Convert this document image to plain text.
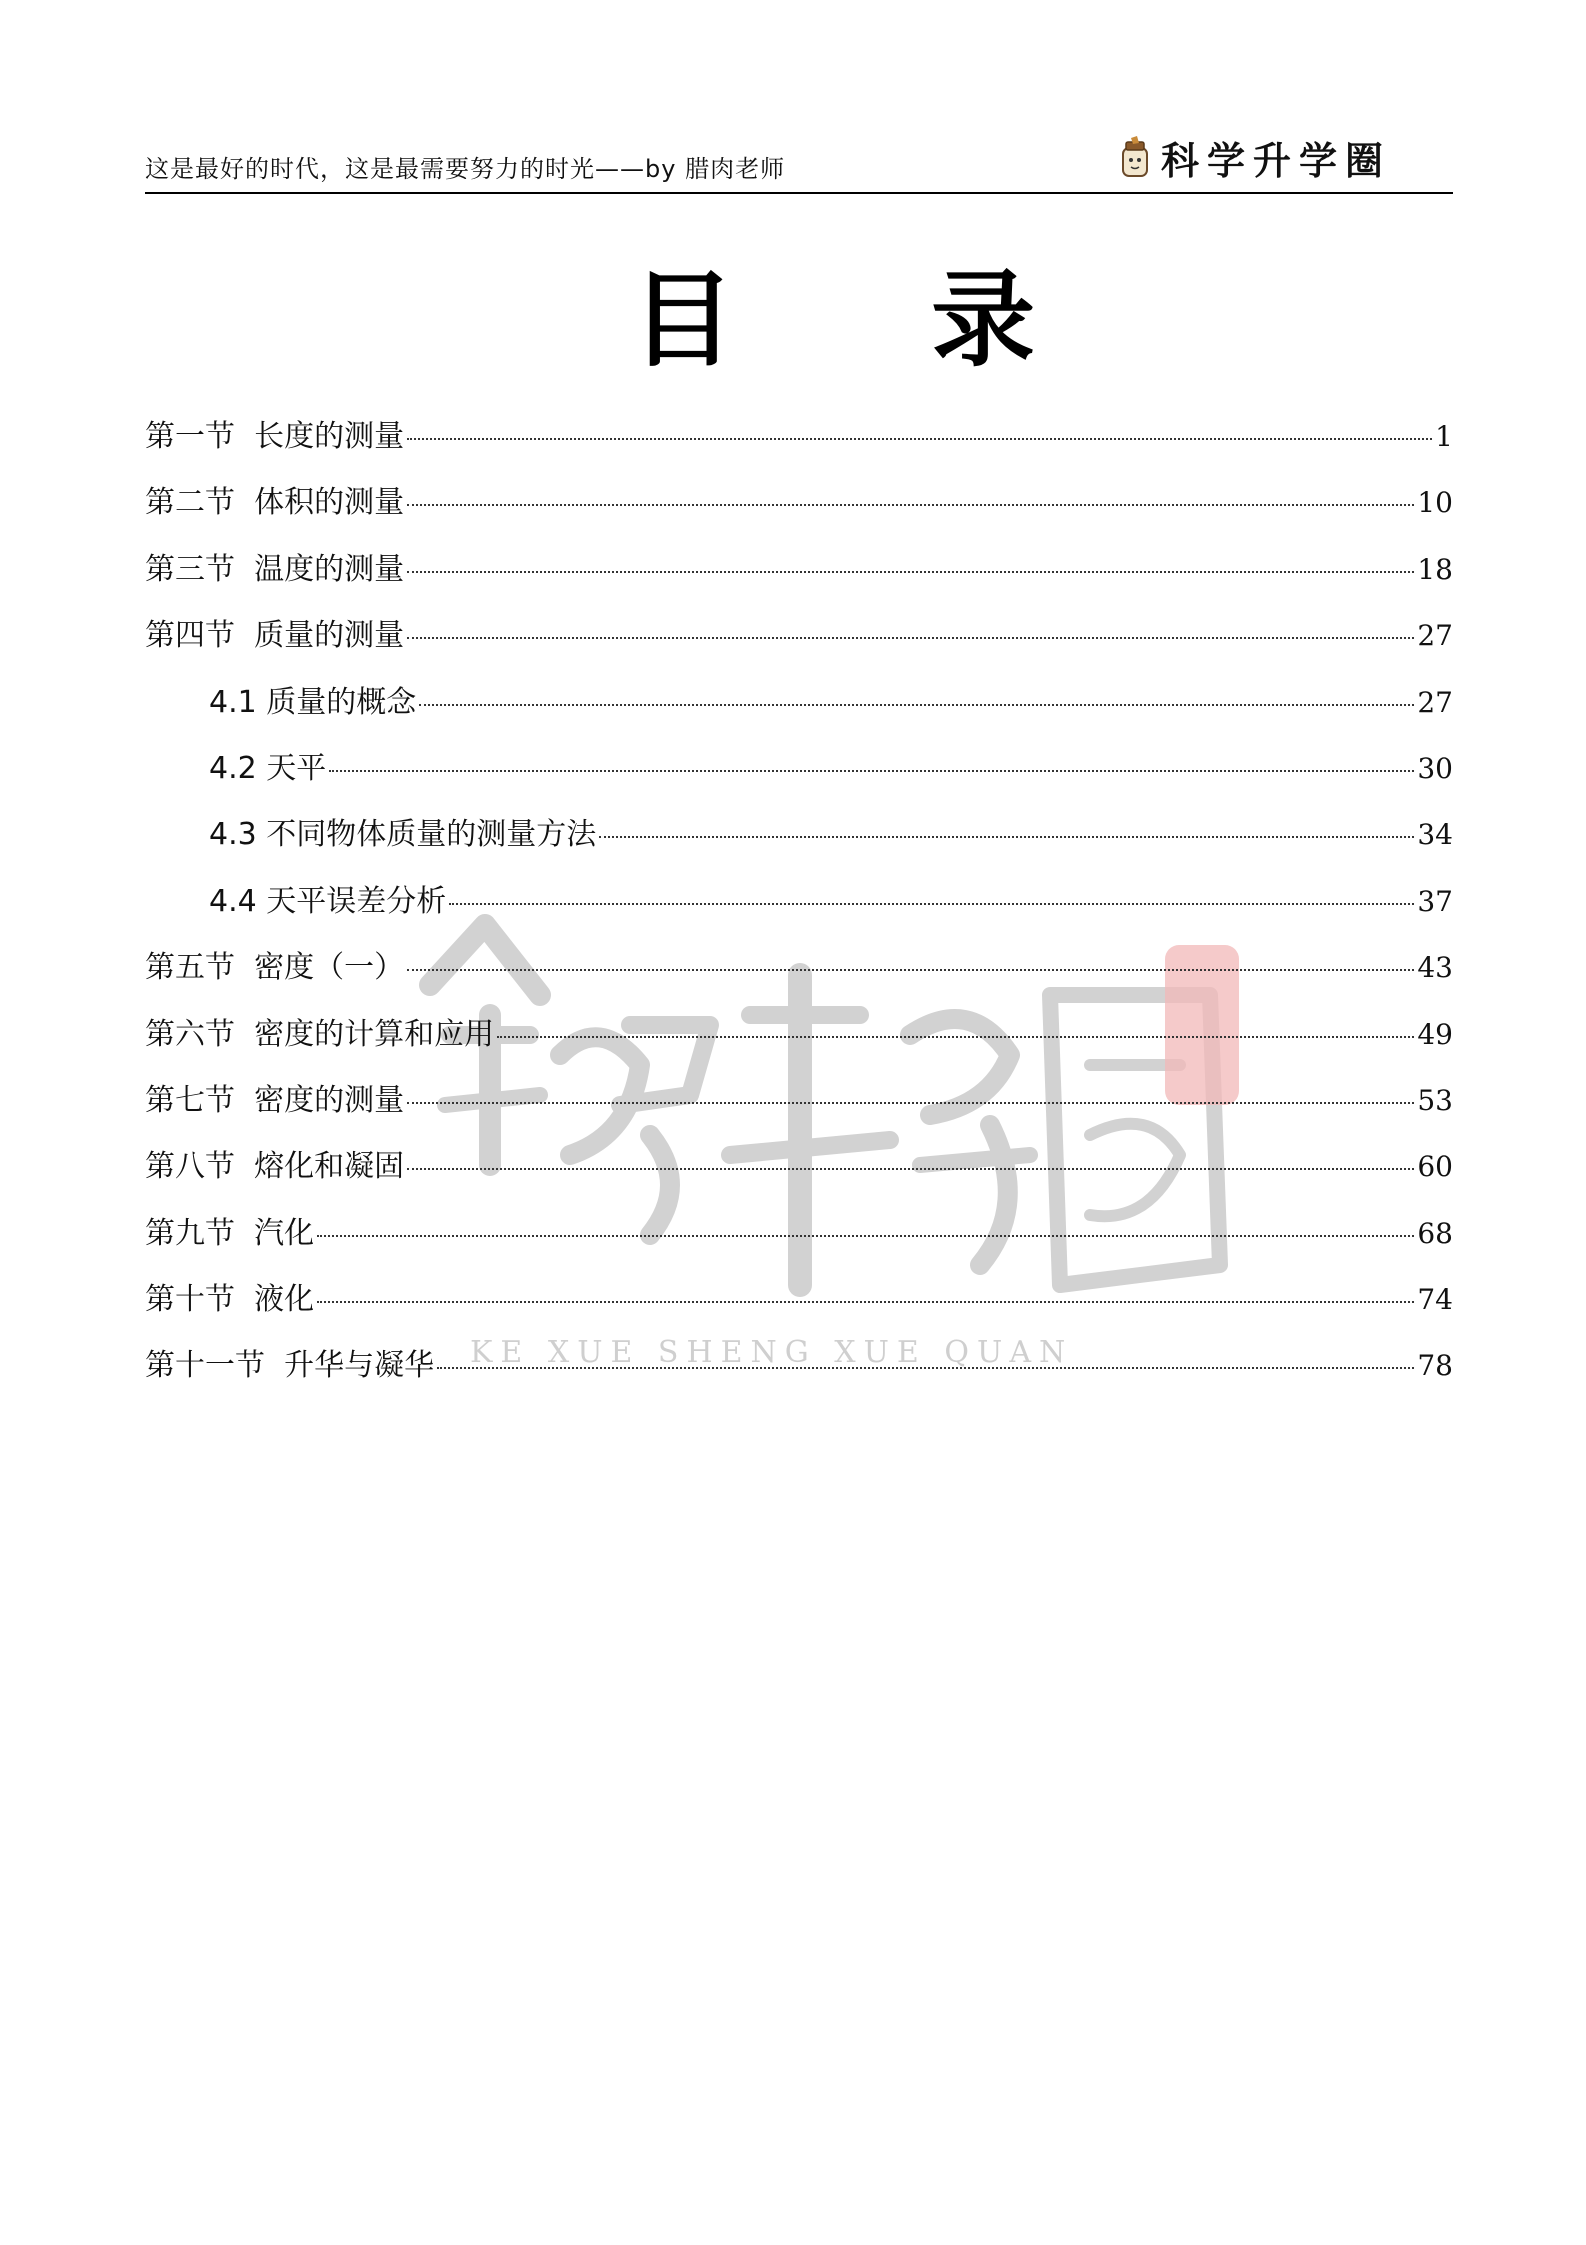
这是最好的时代，这是最需要努力的时光——by 腊肉老师	科学升学圈
目 录
KE XUE SHENG XUE QUAN
第一节  长度的测量	1
第二节  体积的测量	10
第三节  温度的测量	18
第四节  质量的测量	27
4.1 质量的概念	27
4.2 天平	30
4.3 不同物体质量的测量方法	34
4.4 天平误差分析	37
第五节  密度（一）	43
第六节  密度的计算和应用	49
第七节  密度的测量	53
第八节  熔化和凝固	60
第九节  汽化	68
第十节  液化	74
第十一节  升华与凝华	78
